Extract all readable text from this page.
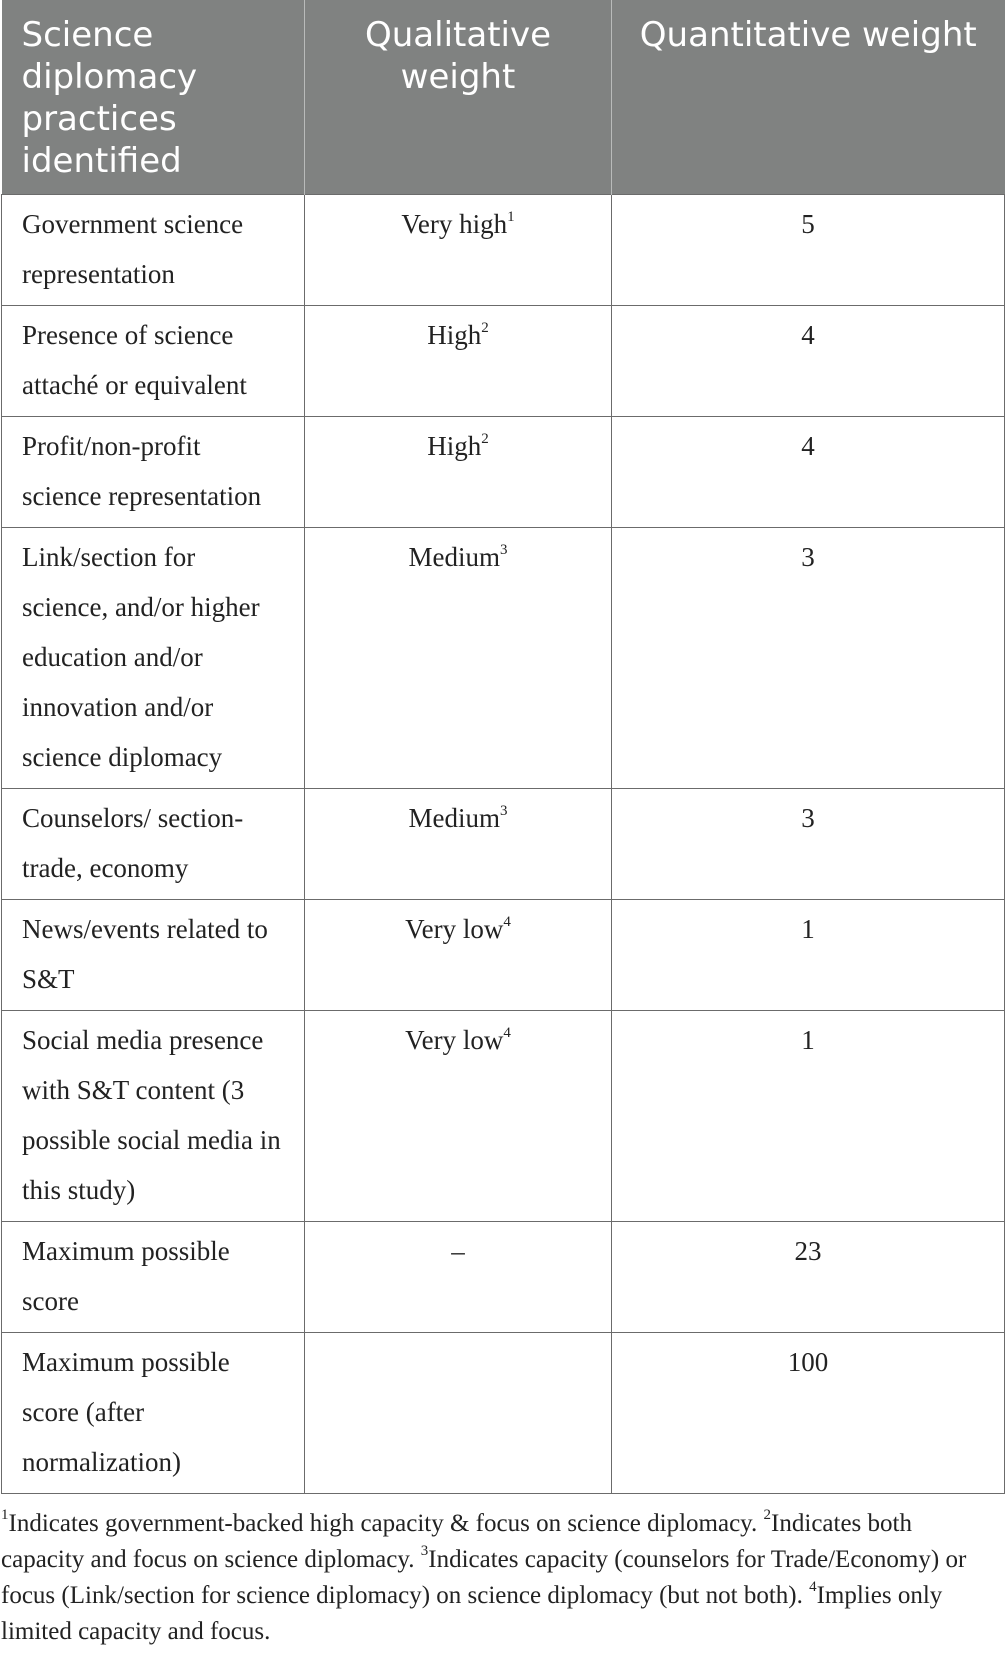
Science diplomacy practices identified	Qualitative weight	Quantitative weight
Government science representation	Very high$^1$	5
Presence of science attaché or equivalent	High$^2$	4
Profit/non-profit science representation	High$^2$	4
Link/section for science, and/or higher education and/or innovation and/or science diplomacy	Medium$^3$	3
Counselors/ section-trade, economy	Medium$^3$	3
News/events related to S&T	Very low$^4$	1
Social media presence with S&T content (3 possible social media in this study)	Very low$^4$	1
Maximum possible score	–	23
Maximum possible score (after normalization)		100
$^1$Indicates government-backed high capacity & focus on science diplomacy. $^2$Indicates both capacity and focus on science diplomacy. $^3$Indicates capacity (counselors for Trade/Economy) or focus (Link/section for science diplomacy) on science diplomacy (but not both). $^4$Implies only limited capacity and focus.
